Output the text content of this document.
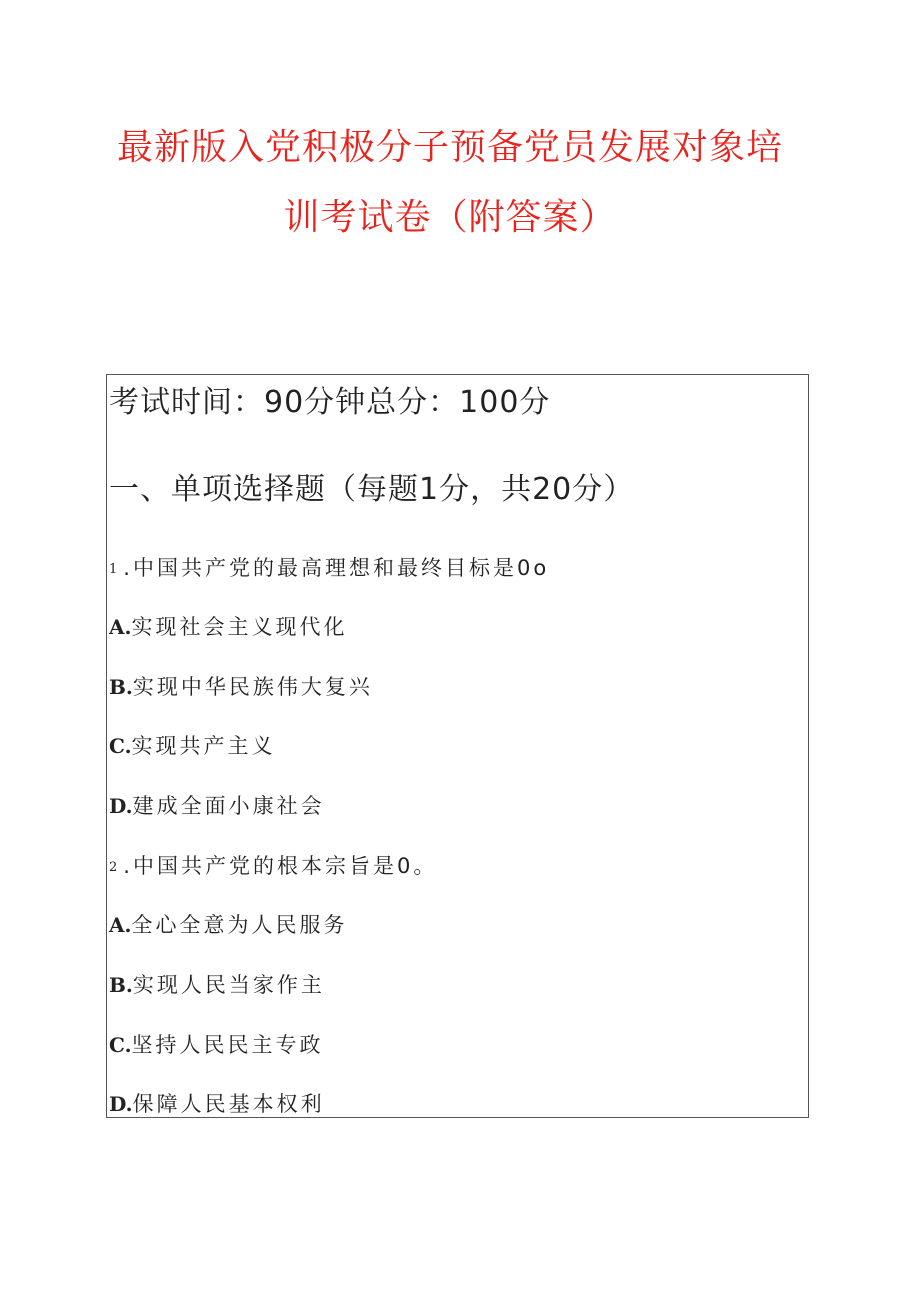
最新版入党积极分子预备党员发展对象培
训考试卷（附答案）
考试时间：90分钟总分：100分
一、单项选择题（每题1分，共20分）
1 .中国共产党的最高理想和最终目标是0o
A.实现社会主义现代化
B.实现中华民族伟大复兴
C.实现共产主义
D.建成全面小康社会
2 .中国共产党的根本宗旨是0。
A.全心全意为人民服务
B.实现人民当家作主
C.坚持人民民主专政
D.保障人民基本权利
